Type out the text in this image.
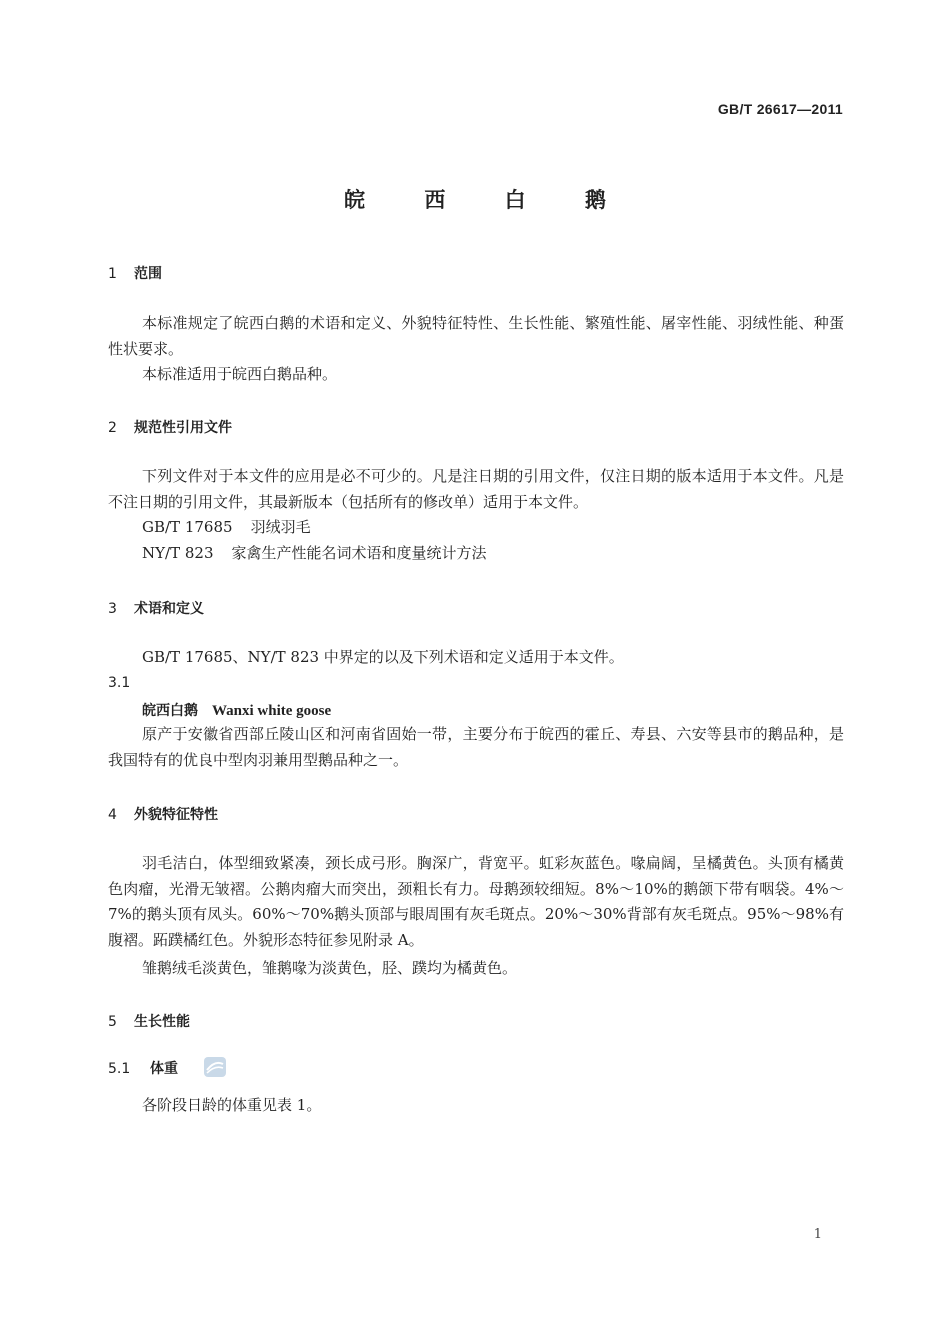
GB/T 26617—2011
皖 西 白 鹅
1 范围
本标准规定了皖西白鹅的术语和定义、外貌特征特性、生长性能、繁殖性能、屠宰性能、羽绒性能、种蛋性状要求。
本标准适用于皖西白鹅品种。
2 规范性引用文件
下列文件对于本文件的应用是必不可少的。凡是注日期的引用文件，仅注日期的版本适用于本文件。凡是不注日期的引用文件，其最新版本（包括所有的修改单）适用于本文件。
GB/T 17685 羽绒羽毛
NY/T 823 家禽生产性能名词术语和度量统计方法
3 术语和定义
GB/T 17685、NY/T 823 中界定的以及下列术语和定义适用于本文件。
3.1
皖西白鹅 Wanxi white goose
原产于安徽省西部丘陵山区和河南省固始一带，主要分布于皖西的霍丘、寿县、六安等县市的鹅品种，是我国特有的优良中型肉羽兼用型鹅品种之一。
4 外貌特征特性
羽毛洁白，体型细致紧凑，颈长成弓形。胸深广，背宽平。虹彩灰蓝色。喙扁阔，呈橘黄色。头顶有橘黄色肉瘤，光滑无皱褶。公鹅肉瘤大而突出，颈粗长有力。母鹅颈较细短。8%～10%的鹅颌下带有咽袋。4%～7%的鹅头顶有凤头。60%～70%鹅头顶部与眼周围有灰毛斑点。20%～30%背部有灰毛斑点。95%～98%有腹褶。跖蹼橘红色。外貌形态特征参见附录 A。
雏鹅绒毛淡黄色，雏鹅喙为淡黄色，胫、蹼均为橘黄色。
5 生长性能
5.1 体重
各阶段日龄的体重见表 1。
1
